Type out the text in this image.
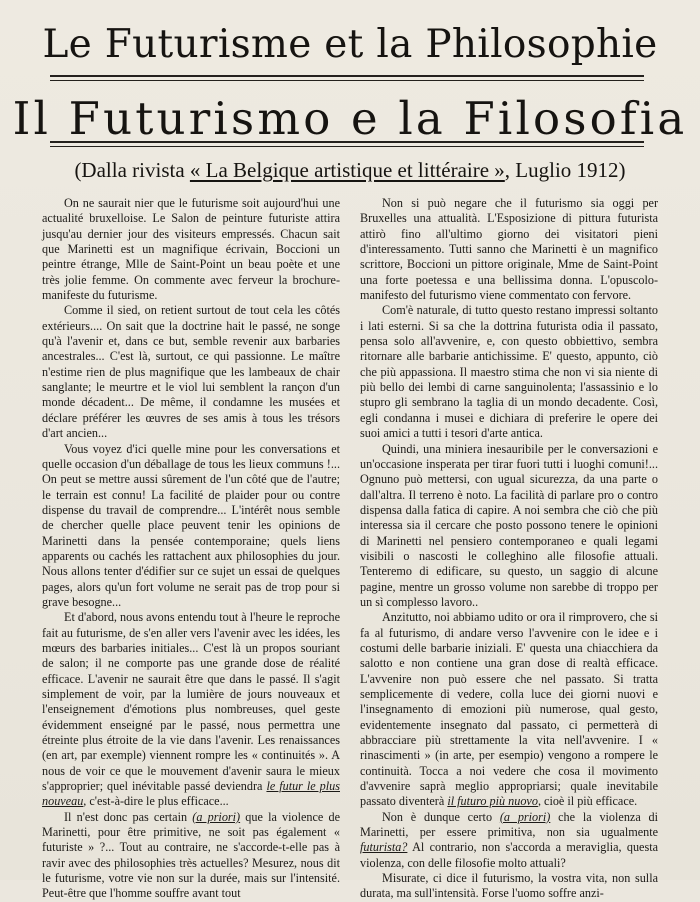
Le Futurisme et la Philosophie
Il Futurismo e la Filosofia
(Dalla rivista « La Belgique artistique et littéraire », Luglio 1912)

On ne saurait nier que le futurisme soit aujourd'hui une actualité bruxelloise. Le Salon de peinture futuriste attira jusqu'au dernier jour des visiteurs empressés. Chacun sait que Marinetti est un magnifique écrivain, Boccioni un peintre étrange, Mlle de Saint-Point un beau poète et une très jolie femme. On commente avec ferveur la brochure-manifeste du futurisme.

Comme il sied, on retient surtout de tout cela les côtés extérieurs.... On sait que la doctrine hait le passé, ne songe qu'à l'avenir et, dans ce but, semble revenir aux barbaries ancestrales... C'est là, surtout, ce qui passionne. Le maître n'estime rien de plus magnifique que les lambeaux de chair sanglante; le meurtre et le viol lui semblent la rançon d'un monde décadent... De même, il condamne les musées et déclare préférer les œuvres de ses amis à tous les trésors d'art ancien...

Vous voyez d'ici quelle mine pour les conversations et quelle occasion d'un déballage de tous les lieux communs !... On peut se mettre aussi sûrement de l'un côté que de l'autre; le terrain est connu! La facilité de plaider pour ou contre dispense du travail de comprendre... L'intérêt nous semble de chercher quelle place peuvent tenir les opinions de Marinetti dans la pensée contemporaine; quels liens apparents ou cachés les rattachent aux philosophies du jour. Nous allons tenter d'édifier sur ce sujet un essai de quelques pages, alors qu'un fort volume ne serait pas de trop pour si grave besogne...

Et d'abord, nous avons entendu tout à l'heure le reproche fait au futurisme, de s'en aller vers l'avenir avec les idées, les mœurs des barbaries initiales... C'est là un propos souriant de salon; il ne comporte pas une grande dose de réalité efficace. L'avenir ne saurait être que dans le passé. Il s'agit simplement de voir, par la lumière de jours nouveaux et l'enseignement d'émotions plus nombreuses, quel geste évidemment enseigné par le passé, nous permettra une étreinte plus étroite de la vie dans l'avenir. Les renaissances (en art, par exemple) viennent rompre les « continuités ». A nous de voir ce que le mouvement d'avenir saura le mieux s'approprier; quel inévitable passé deviendra le futur le plus nouveau, c'est-à-dire le plus efficace...

Il n'est donc pas certain (a priori) que la violence de Marinetti, pour être primitive, ne soit pas également « futuriste » ?... Tout au contraire, ne s'accorde-t-elle pas à ravir avec des philosophies très actuelles? Mesurez, nous dit le futurisme, votre vie non sur la durée, mais sur l'intensité. Peut-être que l'homme souffre avant tout

Non si può negare che il futurismo sia oggi per Bruxelles una attualità. L'Esposizione di pittura futurista attirò fino all'ultimo giorno dei visitatori pieni d'interessamento. Tutti sanno che Marinetti è un magnifico scrittore, Boccioni un pittore originale, Mme de Saint-Point una forte poetessa e una bellissima donna. L'opuscolo-manifesto del futurismo viene commentato con fervore.

Com'è naturale, di tutto questo restano impressi soltanto i lati esterni. Si sa che la dottrina futurista odia il passato, pensa solo all'avvenire, e, con questo obbiettivo, sembra ritornare alle barbarie antichissime. E' questo, appunto, ciò che più appassiona. Il maestro stima che non vi sia niente di più bello dei lembi di carne sanguinolenta; l'assassinio e lo stupro gli sembrano la taglia di un mondo decadente. Così, egli condanna i musei e dichiara di preferire le opere dei suoi amici a tutti i tesori d'arte antica.

Quindi, una miniera inesauribile per le conversazioni e un'occasione insperata per tirar fuori tutti i luoghi comuni!... Ognuno può mettersi, con ugual sicurezza, da una parte o dall'altra. Il terreno è noto. La facilità di parlare pro o contro dispensa dalla fatica di capire. A noi sembra che ciò che più interessa sia il cercare che posto possono tenere le opinioni di Marinetti nel pensiero contemporaneo e quali legami visibili o nascosti le colleghino alle filosofie attuali. Tenteremo di edificare, su questo, un saggio di alcune pagine, mentre un grosso volume non sarebbe di troppo per un sì complesso lavoro..

Anzitutto, noi abbiamo udito or ora il rimprovero, che si fa al futurismo, di andare verso l'avvenire con le idee e i costumi delle barbarie iniziali. E' questa una chiacchiera da salotto e non contiene una gran dose di realtà efficace. L'avvenire non può essere che nel passato. Si tratta semplicemente di vedere, colla luce dei giorni nuovi e l'insegnamento di emozioni più numerose, qual gesto, evidentemente insegnato dal passato, ci permetterà di abbracciare più strettamente la vita nell'avvenire. I « rinascimenti » (in arte, per esempio) vengono a rompere le continuità. Tocca a noi vedere che cosa il movimento d'avvenire saprà meglio appropriarsi; quale inevitabile passato diventerà il futuro più nuovo, cioè il più efficace.

Non è dunque certo (a priori) che la violenza di Marinetti, per essere primitiva, non sia ugualmente futurista? Al contrario, non s'accorda a meraviglia, questa violenza, con delle filosofie molto attuali?

Misurate, ci dice il futurismo, la vostra vita, non sulla durata, ma sull'intensità. Forse l'uomo soffre anzi-
